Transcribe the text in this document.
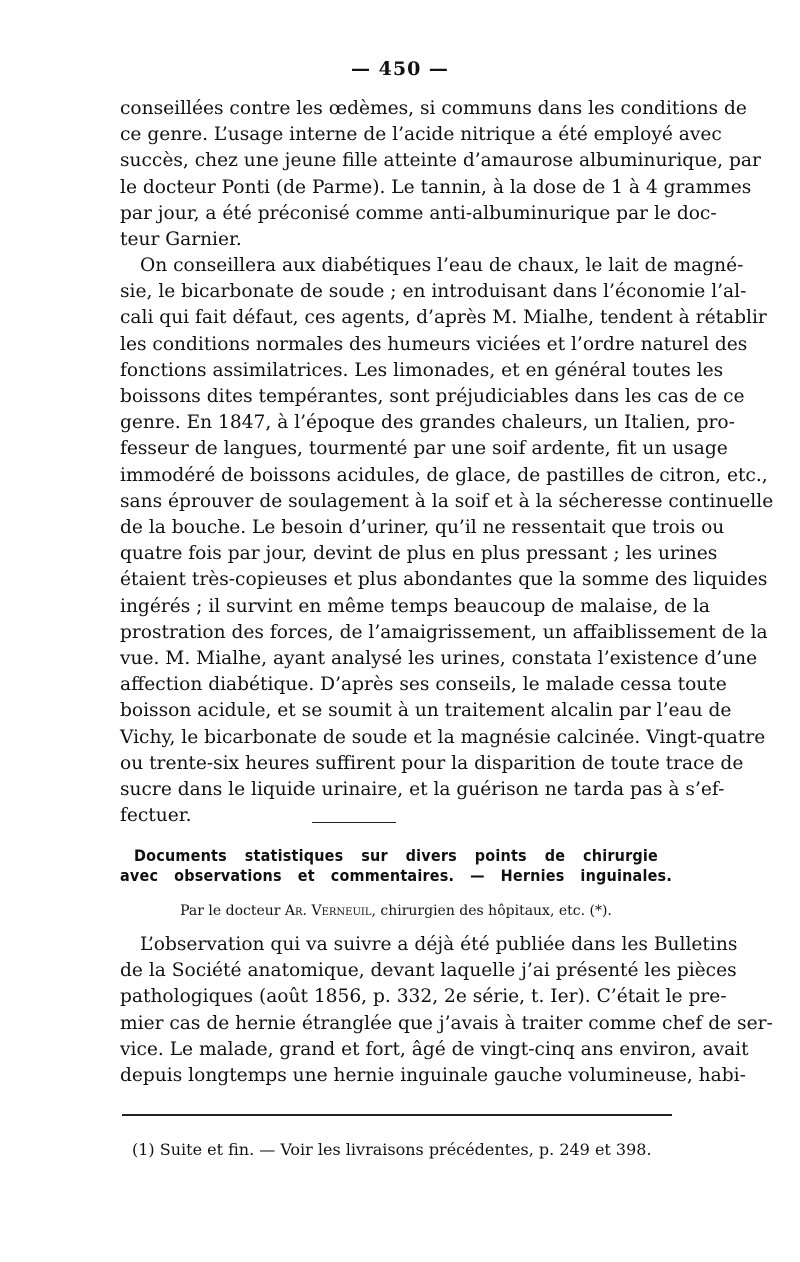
— 450 —
conseillées contre les œdèmes, si communs dans les conditions de
ce genre. L’usage interne de l’acide nitrique a été employé avec
succès, chez une jeune fille atteinte d’amaurose albuminurique, par
le docteur Ponti (de Parme). Le tannin, à la dose de 1 à 4 grammes
par jour, a été préconisé comme anti-albuminurique par le doc-
teur Garnier.
On conseillera aux diabétiques l’eau de chaux, le lait de magné-
sie, le bicarbonate de soude ; en introduisant dans l’économie l’al-
cali qui fait défaut, ces agents, d’après M. Mialhe, tendent à rétablir
les conditions normales des humeurs viciées et l’ordre naturel des
fonctions assimilatrices. Les limonades, et en général toutes les
boissons dites tempérantes, sont préjudiciables dans les cas de ce
genre. En 1847, à l’époque des grandes chaleurs, un Italien, pro-
fesseur de langues, tourmenté par une soif ardente, fit un usage
immodéré de boissons acidules, de glace, de pastilles de citron, etc.,
sans éprouver de soulagement à la soif et à la sécheresse continuelle
de la bouche. Le besoin d’uriner, qu’il ne ressentait que trois ou
quatre fois par jour, devint de plus en plus pressant ; les urines
étaient très-copieuses et plus abondantes que la somme des liquides
ingérés ; il survint en même temps beaucoup de malaise, de la
prostration des forces, de l’amaigrissement, un affaiblissement de la
vue. M. Mialhe, ayant analysé les urines, constata l’existence d’une
affection diabétique. D’après ses conseils, le malade cessa toute
boisson acidule, et se soumit à un traitement alcalin par l’eau de
Vichy, le bicarbonate de soude et la magnésie calcinée. Vingt-quatre
ou trente-six heures suffirent pour la disparition de toute trace de
sucre dans le liquide urinaire, et la guérison ne tarda pas à s’ef-
fectuer.
Documents statistiques sur divers points de chirurgie
avec observations et commentaires. — Hernies inguinales.
Par le docteur Ar. Verneuil, chirurgien des hôpitaux, etc. (*).
L’observation qui va suivre a déjà été publiée dans les Bulletins
de la Société anatomique, devant laquelle j’ai présenté les pièces
pathologiques (août 1856, p. 332, 2e série, t. Ier). C’était le pre-
mier cas de hernie étranglée que j’avais à traiter comme chef de ser-
vice. Le malade, grand et fort, âgé de vingt-cinq ans environ, avait
depuis longtemps une hernie inguinale gauche volumineuse, habi-
(1) Suite et fin. — Voir les livraisons précédentes, p. 249 et 398.
